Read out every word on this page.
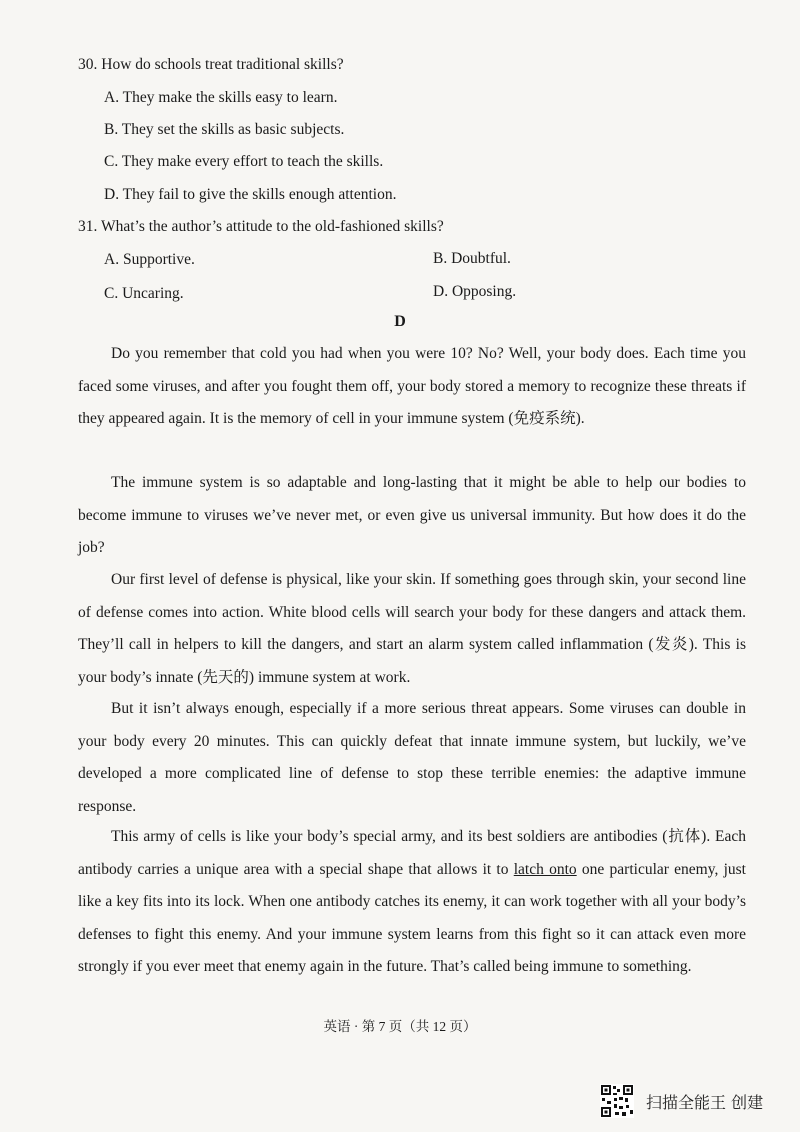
30. How do schools treat traditional skills?
A. They make the skills easy to learn.
B. They set the skills as basic subjects.
C. They make every effort to teach the skills.
D. They fail to give the skills enough attention.
31. What’s the author’s attitude to the old-fashioned skills?
A. Supportive.	B. Doubtful.
C. Uncaring.	D. Opposing.
D
Do you remember that cold you had when you were 10? No? Well, your body does. Each time you faced some viruses, and after you fought them off, your body stored a memory to recognize these threats if they appeared again. It is the memory of cell in your immune system (免疫系统).
The immune system is so adaptable and long-lasting that it might be able to help our bodies to become immune to viruses we’ve never met, or even give us universal immunity. But how does it do the job?
Our first level of defense is physical, like your skin. If something goes through skin, your second line of defense comes into action. White blood cells will search your body for these dangers and attack them. They’ll call in helpers to kill the dangers, and start an alarm system called inflammation (发炎). This is your body’s innate (先天的) immune system at work.
But it isn’t always enough, especially if a more serious threat appears. Some viruses can double in your body every 20 minutes. This can quickly defeat that innate immune system, but luckily, we’ve developed a more complicated line of defense to stop these terrible enemies: the adaptive immune response.
This army of cells is like your body’s special army, and its best soldiers are antibodies (抗体). Each antibody carries a unique area with a special shape that allows it to latch onto one particular enemy, just like a key fits into its lock. When one antibody catches its enemy, it can work together with all your body’s defenses to fight this enemy. And your immune system learns from this fight so it can attack even more strongly if you ever meet that enemy again in the future. That’s called being immune to something.
英语 · 第 7 页（共 12 页）
扫描全能王 创建
